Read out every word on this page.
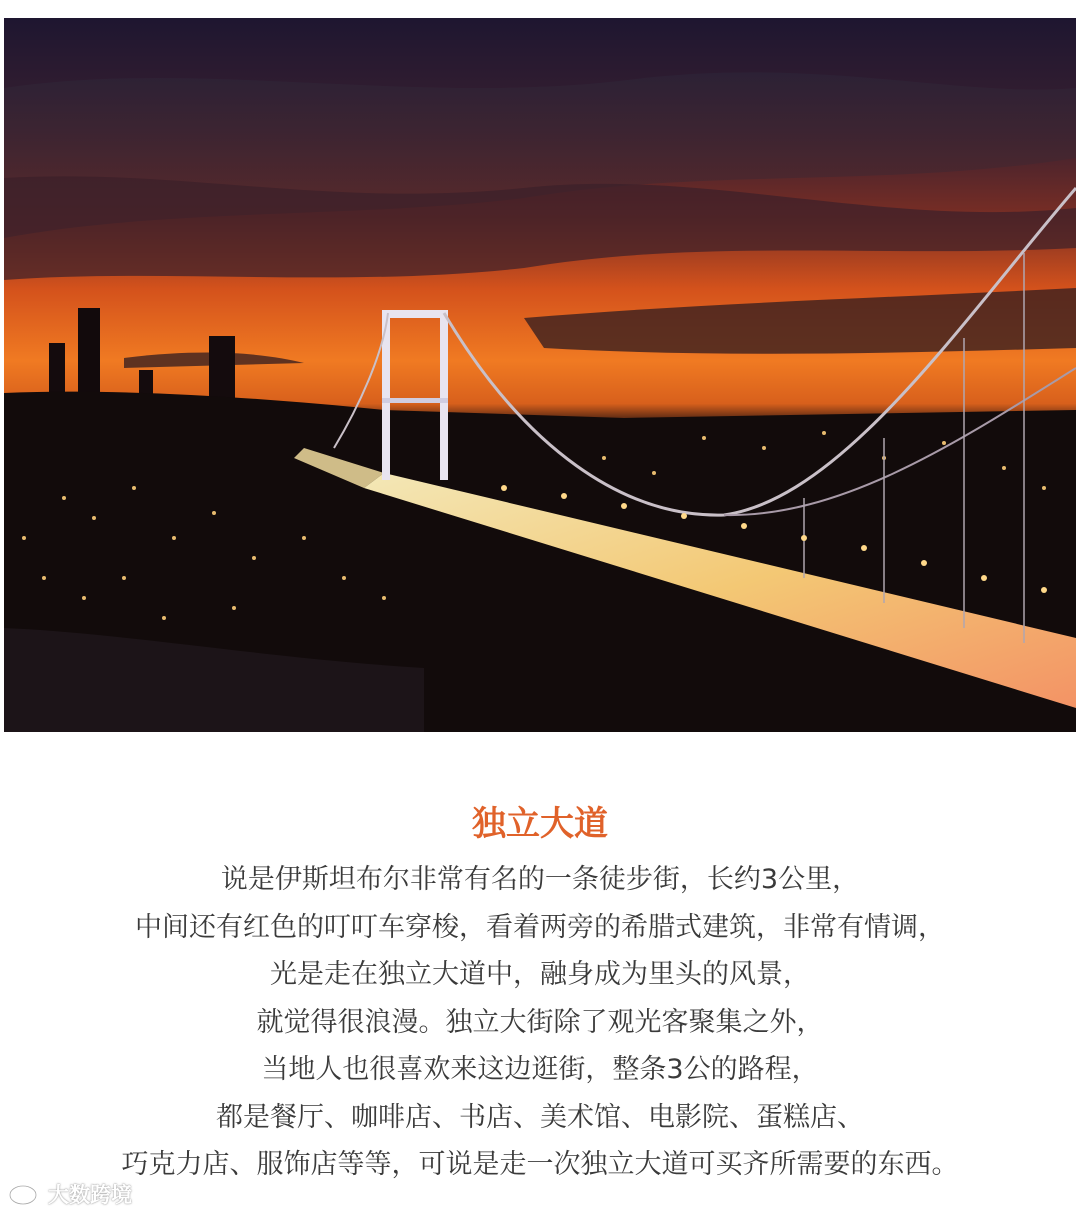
独立大道
说是伊斯坦布尔非常有名的一条徒步街，长约3公里，
中间还有红色的叮叮车穿梭，看着两旁的希腊式建筑，非常有情调，
光是走在独立大道中，融身成为里头的风景，
就觉得很浪漫。独立大街除了观光客聚集之外，
当地人也很喜欢来这边逛街，整条3公的路程，
都是餐厅、咖啡店、书店、美术馆、电影院、蛋糕店、
巧克力店、服饰店等等，可说是走一次独立大道可买齐所需要的东西。
大数跨境
